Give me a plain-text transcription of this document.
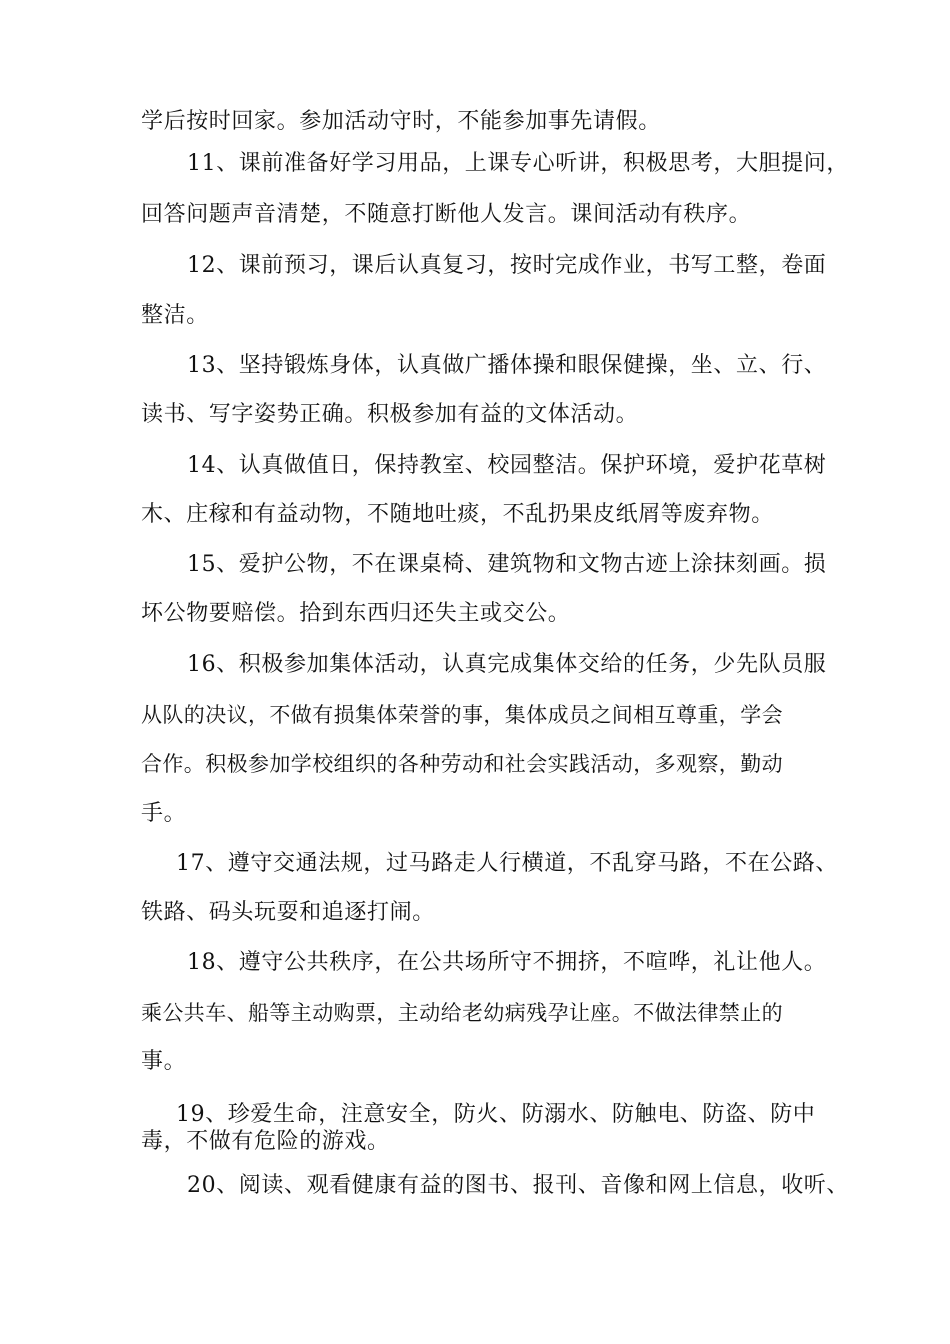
学后按时回家。参加活动守时，不能参加事先请假。
11、课前准备好学习用品，上课专心听讲，积极思考，大胆提问，
回答问题声音清楚，不随意打断他人发言。课间活动有秩序。
12、课前预习，课后认真复习，按时完成作业，书写工整，卷面
整洁。
13、坚持锻炼身体，认真做广播体操和眼保健操，坐、立、行、
读书、写字姿势正确。积极参加有益的文体活动。
14、认真做值日，保持教室、校园整洁。保护环境，爱护花草树
木、庄稼和有益动物，不随地吐痰，不乱扔果皮纸屑等废弃物。
15、爱护公物，不在课桌椅、建筑物和文物古迹上涂抹刻画。损
坏公物要赔偿。拾到东西归还失主或交公。
16、积极参加集体活动，认真完成集体交给的任务，少先队员服
从队的决议，不做有损集体荣誉的事，集体成员之间相互尊重，学会
合作。积极参加学校组织的各种劳动和社会实践活动，多观察，勤动
手。
17、遵守交通法规，过马路走人行横道，不乱穿马路，不在公路、
铁路、码头玩耍和追逐打闹。
18、遵守公共秩序，在公共场所守不拥挤，不喧哗，礼让他人。
乘公共车、船等主动购票，主动给老幼病残孕让座。不做法律禁止的
事。
19、珍爱生命，注意安全，防火、防溺水、防触电、防盗、防中
毒，不做有危险的游戏。
20、阅读、观看健康有益的图书、报刊、音像和网上信息，收听、
